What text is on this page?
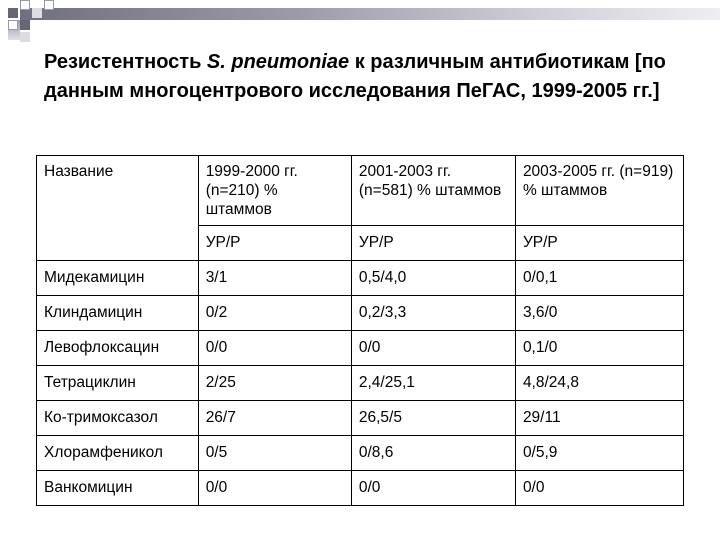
Резистентность S. pneumoniae к различным антибиотикам [по данным многоцентрового исследования ПеГАС, 1999-2005 гг.]
Название	1999-2000 гг. (n=210) % штаммов	2001-2003 гг. (n=581) % штаммов	2003-2005 гг. (n=919) % штаммов
	УР/Р	УР/Р	УР/Р
Мидекамицин	3/1	0,5/4,0	0/0,1
Клиндамицин	0/2	0,2/3,3	3,6/0
Левофлоксацин	0/0	0/0	0,1/0
Тетрациклин	2/25	2,4/25,1	4,8/24,8
Ко-тримоксазол	26/7	26,5/5	29/11
Хлорамфеникол	0/5	0/8,6	0/5,9
Ванкомицин	0/0	0/0	0/0
